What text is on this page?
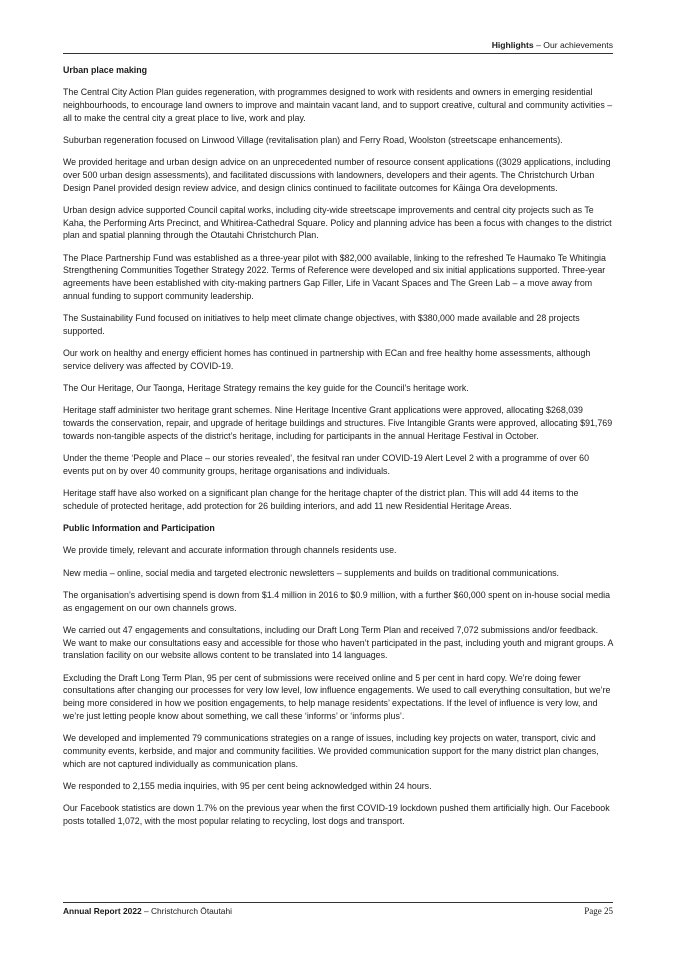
Highlights – Our achievements

Urban place making

The Central City Action Plan guides regeneration, with programmes designed to work with residents and owners in emerging residential neighbourhoods, to encourage land owners to improve and maintain vacant land, and to support creative, cultural and community activities – all to make the central city a great place to live, work and play.

Suburban regeneration focused on Linwood Village (revitalisation plan) and Ferry Road, Woolston (streetscape enhancements).

We provided heritage and urban design advice on an unprecedented number of resource consent applications ((3029 applications, including over 500 urban design assessments), and facilitated discussions with landowners, developers and their agents. The Christchurch Urban Design Panel provided design review advice, and design clinics continued to facilitate outcomes for Kāinga Ora developments.

Urban design advice supported Council capital works, including city-wide streetscape improvements and central city projects such as Te Kaha, the Performing Arts Precinct, and Whitirea-Cathedral Square. Policy and planning advice has been a focus with changes to the district plan and spatial planning through the Otautahi Christchurch Plan.

The Place Partnership Fund was established as a three-year pilot with $82,000 available, linking to the refreshed Te Haumako Te Whitingia Strengthening Communities Together Strategy 2022. Terms of Reference were developed and six initial applications supported. Three-year agreements have been established with city-making partners Gap Filler, Life in Vacant Spaces and The Green Lab – a move away from annual funding to support community leadership.

The Sustainability Fund focused on initiatives to help meet climate change objectives, with $380,000 made available and 28 projects supported.

Our work on healthy and energy efficient homes has continued in partnership with ECan and free healthy home assessments, although service delivery was affected by COVID-19.

The Our Heritage, Our Taonga, Heritage Strategy remains the key guide for the Council’s heritage work.

Heritage staff administer two heritage grant schemes. Nine Heritage Incentive Grant applications were approved, allocating $268,039 towards the conservation, repair, and upgrade of heritage buildings and structures. Five Intangible Grants were approved, allocating $91,769 towards non-tangible aspects of the district’s heritage, including for participants in the annual Heritage Festival in October.

Under the theme ‘People and Place – our stories revealed’, the fesitval ran under COVID-19 Alert Level 2 with a programme of over 60 events put on by over 40 community groups, heritage organisations and individuals.

Heritage staff have also worked on a significant plan change for the heritage chapter of the district plan. This will add 44 items to the schedule of protected heritage, add protection for 26 building interiors, and add 11 new Residential Heritage Areas.

Public Information and Participation

We provide timely, relevant and accurate information through channels residents use.

New media – online, social media and targeted electronic newsletters – supplements and builds on traditional communications.

The organisation’s advertising spend is down from $1.4 million in 2016 to $0.9 million, with a further $60,000 spent on in-house social media as engagement on our own channels grows.

We carried out 47 engagements and consultations, including our Draft Long Term Plan and received 7,072 submissions and/or feedback. We want to make our consultations easy and accessible for those who haven’t participated in the past, including youth and migrant groups. A translation facility on our website allows content to be translated into 14 languages.

Excluding the Draft Long Term Plan, 95 per cent of submissions were received online and 5 per cent in hard copy. We’re doing fewer consultations after changing our processes for very low level, low influence engagements. We used to call everything consultation, but we’re being more considered in how we position engagements, to help manage residents’ expectations. If the level of influence is very low, and we’re just letting people know about something, we call these ‘informs’ or ‘informs plus’.

We developed and implemented 79 communications strategies on a range of issues, including key projects on water, transport, civic and community events, kerbside, and major and community facilities. We provided communication support for the many district plan changes, which are not captured individually as communication plans.

We responded to 2,155 media inquiries, with 95 per cent being acknowledged within 24 hours.

Our Facebook statistics are down 1.7% on the previous year when the first COVID-19 lockdown pushed them artificially high. Our Facebook posts totalled 1,072, with the most popular relating to recycling, lost dogs and transport.

Annual Report 2022 – Christchurch Ōtautahi	Page 25
